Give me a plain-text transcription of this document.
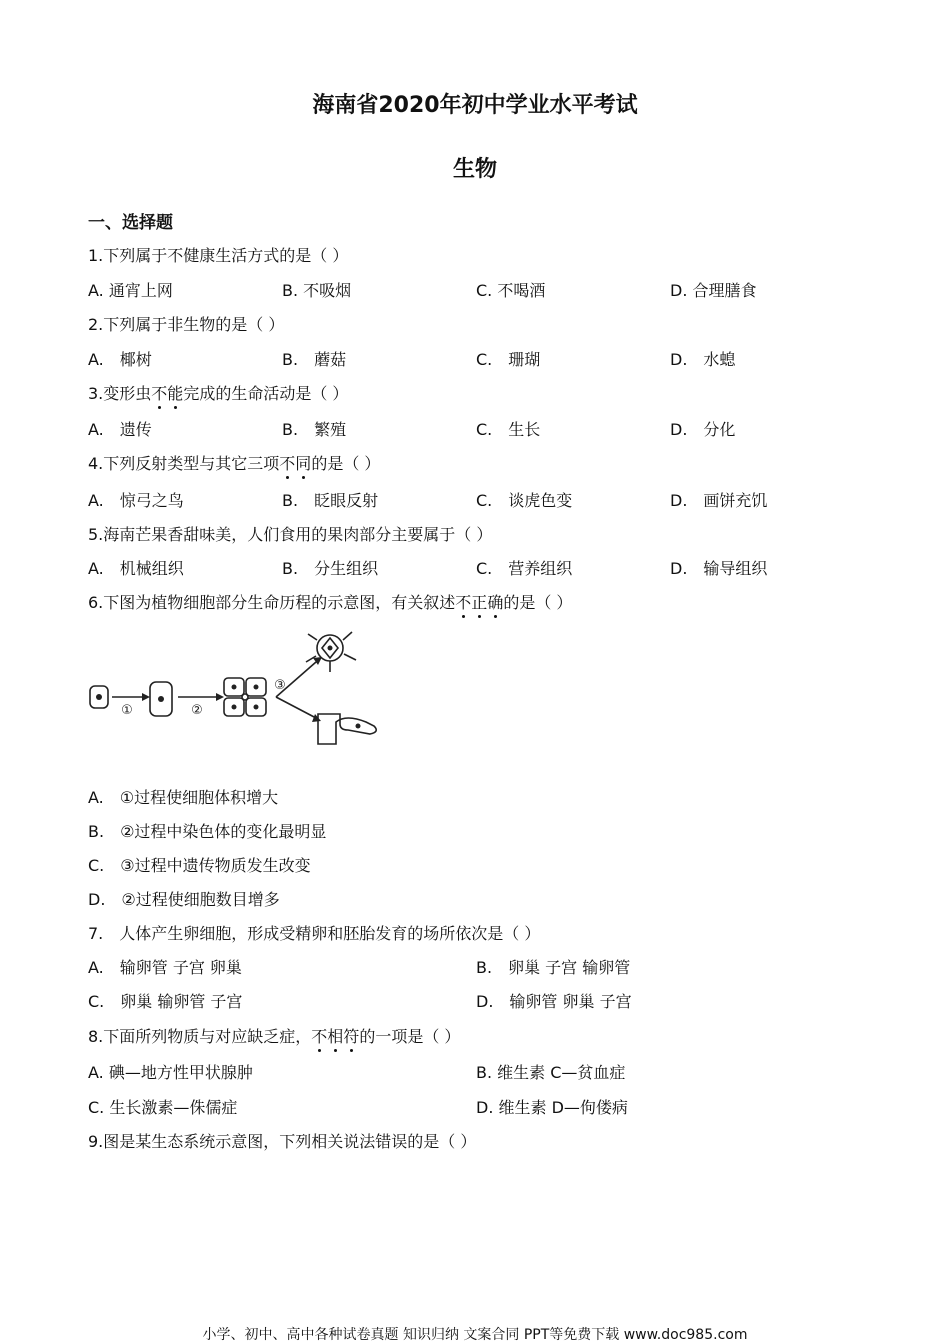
海南省2020年初中学业水平考试
生物
一、选择题
1.下列属于不健康生活方式的是（ ）
A. 通宵上网	B. 不吸烟	C. 不喝酒	D. 合理膳食
2.下列属于非生物的是（ ）
A.　椰树	B.　蘑菇	C.　珊瑚	D.　水螅
3.变形虫不能完成的生命活动是（ ）
A.　遗传	B.　繁殖	C.　生长	D.　分化
4.下列反射类型与其它三项不同的是（ ）
A.　惊弓之鸟	B.　眨眼反射	C.　谈虎色变	D.　画饼充饥
5.海南芒果香甜味美，人们食用的果肉部分主要属于（ ）
A.　机械组织	B.　分生组织	C.　营养组织	D.　输导组织
6.下图为植物细胞部分生命历程的示意图，有关叙述不正确的是（ ）
①	②
③
A.　①过程使细胞体积增大
B.　②过程中染色体的变化最明显
C.　③过程中遗传物质发生改变
D.　②过程使细胞数目增多
7.　人体产生卵细胞，形成受精卵和胚胎发育的场所依次是（ ）
A.　输卵管 子宫 卵巢	B.　卵巢 子宫 输卵管
C.　卵巢 输卵管 子宫	D.　输卵管 卵巢 子宫
8.下面所列物质与对应缺乏症，不相符的一项是（ ）
A. 碘—地方性甲状腺肿	B. 维生素 C—贫血症
C. 生长激素—侏儒症	D. 维生素 D—佝偻病
9.图是某生态系统示意图，下列相关说法错误的是（ ）
小学、初中、高中各种试卷真题 知识归纳 文案合同 PPT等免费下载 www.doc985.com
